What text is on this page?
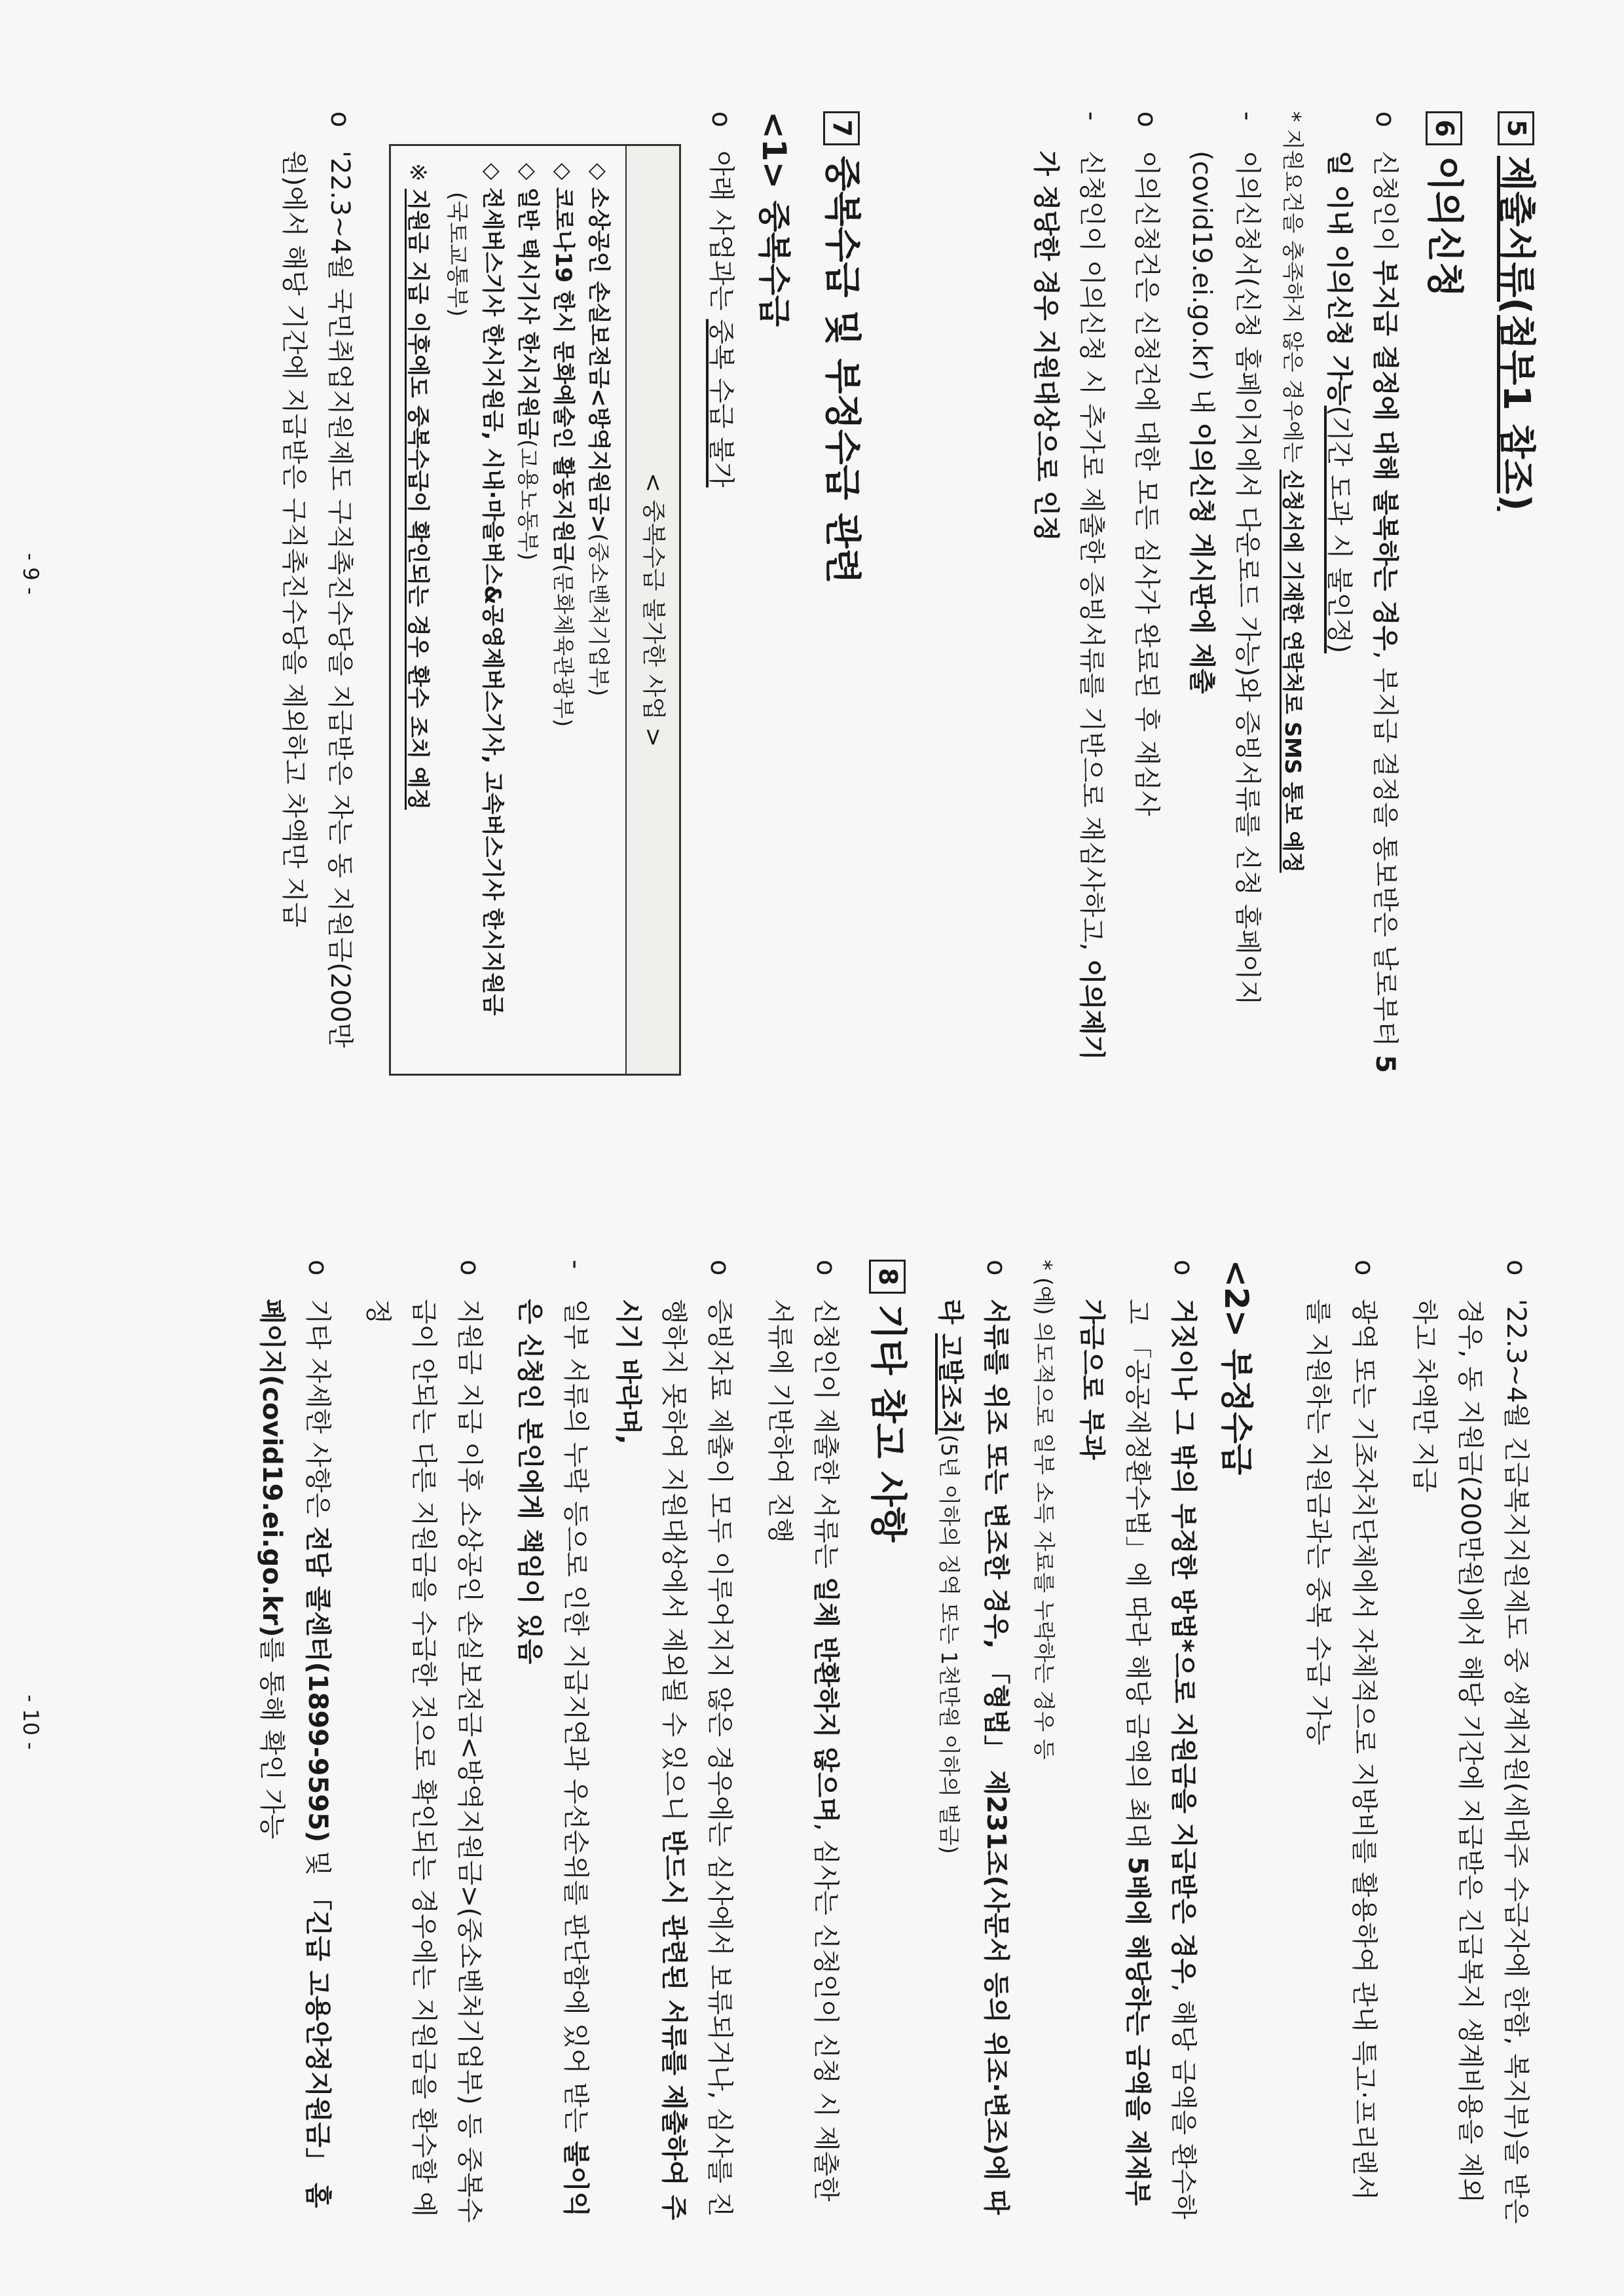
5
제출서류(첨부1 참조)
6
이의신청
o신청인이 부지급 결정에 대해 불복하는 경우, 부지급 결정을 통보받은 날로부터 5일 이내 이의신청 가능(기간 도과 시 불인정)
* 지원요건을 충족하지 않은 경우에는 신청서에 기재한 연락처로 SMS 통보 예정
-이의신청서(신청 홈페이지에서 다운로드 가능)와 증빙서류를 신청 홈페이지(covid19.ei.go.kr) 내 이의신청 게시판에 제출
o이의신청건은 신청건에 대한 모든 심사가 완료된 후 재심사
-신청인이 이의신청 시 추가로 제출한 증빙서류를 기반으로 재심사하고, 이의제기가 정당한 경우 지원대상으로 인정
7
중복수급 및 부정수급 관련
<1> 중복수급
o아래 사업과는 중복 수급 불가
< 중복수급 불가한 사업 >
◇ 소상공인 손실보전금<방역지원금>(중소벤처기업부)
◇ 코로나19 한시 문화예술인 활동지원금(문화체육관광부)
◇ 일반 택시기사 한시지원금(고용노동부)
◇ 전세버스기사 한시지원금, 시내·마을버스&공영제버스기사, 고속버스기사 한시지원금
(국토교통부)
※ 지원금 지급 이후에도 중복수급이 확인되는 경우 환수 조치 예정
o'22.3~4월 국민취업지원제도 구직촉진수당을 지급받은 자는 동 지원금(200만원)에서 해당 기간에 지급받은 구직촉진수당을 제외하고 차액만 지급
- 9 -
o'22.3~4월 긴급복지지원제도 중 생계지원(세대주 수급자에 한함, 복지부)을 받은 경우, 동 지원금(200만원)에서 해당 기간에 지급받은 긴급복지 생계비용을 제외하고 차액만 지급
o광역 또는 기초자치단체에서 자체적으로 지방비를 활용하여 관내 특고·프리랜서를 지원하는 지원금과는 중복 수급 가능
<2> 부정수급
o거짓이나 그 밖의 부정한 방법*으로 지원금을 지급받은 경우, 해당 금액을 환수하고 「공공재정환수법」에 따라 해당 금액의 최대 5배에 해당하는 금액을 제재부가금으로 부과
* (예) 의도적으로 일부 소득 자료를 누락하는 경우 등
o서류를 위조 또는 변조한 경우, 「형법」 제231조(사문서 등의 위조·변조)에 따라 고발조치(5년 이하의 징역 또는 1천만원 이하의 벌금)
8
기타 참고 사항
o신청인이 제출한 서류는 일체 반환하지 않으며, 심사는 신청인이 신청 시 제출한 서류에 기반하여 진행
o증빙자료 제출이 모두 이루어지지 않은 경우에는 심사에서 보류되거나, 심사를 진행하지 못하여 지원대상에서 제외될 수 있으니 반드시 관련된 서류를 제출하여 주시기 바라며,
-일부 서류의 누락 등으로 인한 지급지연과 우선순위를 판단함에 있어 받는 불이익은 신청인 본인에게 책임이 있음
o지원금 지급 이후 소상공인 손실보전금<방역지원금>(중소벤처기업부) 등 중복수급이 안되는 다른 지원금을 수급한 것으로 확인되는 경우에는 지원금을 환수할 예정
o기타 자세한 사항은 전담 콜센터(1899-9595) 및 「긴급 고용안정지원금」 홈페이지(covid19.ei.go.kr)를 통해 확인 가능
- 10 -
